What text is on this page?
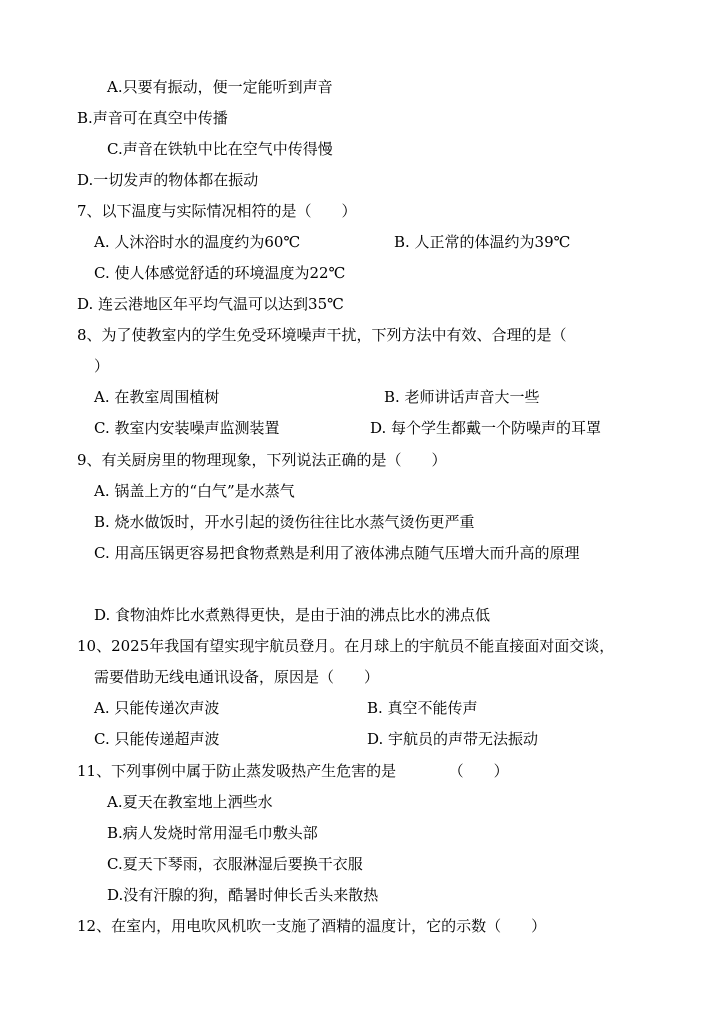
A.只要有振动，便一定能听到声音
B.声音可在真空中传播
C.声音在铁轨中比在空气中传得慢
D.一切发声的物体都在振动
7、以下温度与实际情况相符的是（　　）
A. 人沐浴时水的温度约为60℃	B. 人正常的体温约为39℃
C. 使人体感觉舒适的环境温度为22℃
D. 连云港地区年平均气温可以达到35℃
8、为了使教室内的学生免受环境噪声干扰，下列方法中有效、合理的是（
）
A. 在教室周围植树	B. 老师讲话声音大一些
C. 教室内安装噪声监测装置	D. 每个学生都戴一个防噪声的耳罩
9、有关厨房里的物理现象，下列说法正确的是（　　）
A. 锅盖上方的“白气”是水蒸气
B. 烧水做饭时，开水引起的烫伤往往比水蒸气烫伤更严重
C. 用高压锅更容易把食物煮熟是利用了液体沸点随气压增大而升高的原理
D. 食物油炸比水煮熟得更快，是由于油的沸点比水的沸点低
10、2025年我国有望实现宇航员登月。在月球上的宇航员不能直接面对面交谈，
需要借助无线电通讯设备，原因是（　　）
A. 只能传递次声波	B. 真空不能传声
C. 只能传递超声波	D. 宇航员的声带无法振动
11、下列事例中属于防止蒸发吸热产生危害的是　　　　（　　）
A.夏天在教室地上洒些水
B.病人发烧时常用湿毛巾敷头部
C.夏天下琴雨，衣服淋湿后要换干衣服
D.没有汗腺的狗，酷暑时伸长舌头来散热
12、在室内，用电吹风机吹一支施了酒精的温度计，它的示数（　　）
